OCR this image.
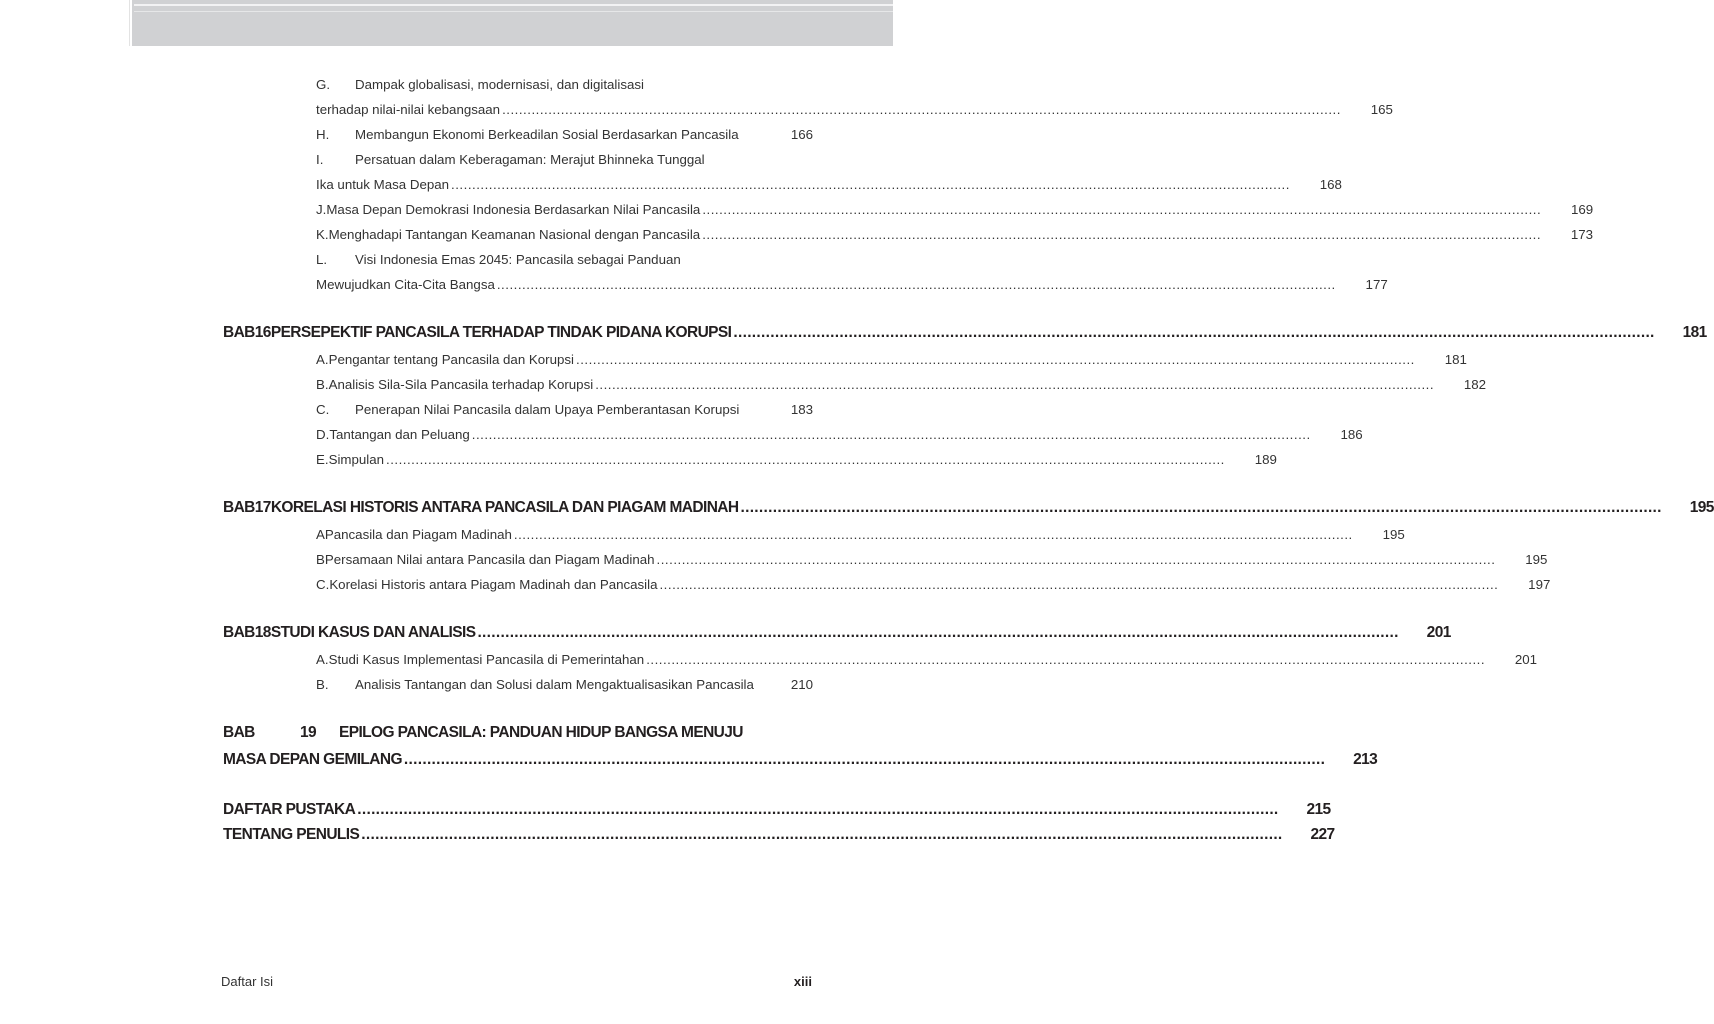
G.	Dampak globalisasi, modernisasi, dan digitalisasi
terhadap nilai-nilai kebangsaan ........................................................................................................................................................................................................	165
H.	Membangun Ekonomi Berkeadilan Sosial Berdasarkan Pancasila	166
I.	Persatuan dalam Keberagaman: Merajut Bhinneka Tunggal
Ika untuk Masa Depan ........................................................................................................................................................................................................	168
J. Masa Depan Demokrasi Indonesia Berdasarkan Nilai Pancasila ........................................................................................................................................................................................................	169
K. Menghadapi Tantangan Keamanan Nasional dengan Pancasila ........................................................................................................................................................................................................	173
L.	Visi Indonesia Emas 2045: Pancasila sebagai Panduan
Mewujudkan Cita-Cita Bangsa ........................................................................................................................................................................................................	177
BAB 16 PERSEPEKTIF PANCASILA TERHADAP TINDAK PIDANA KORUPSI ........................................................................................................................................................................................................	181
A. Pengantar tentang Pancasila dan Korupsi ........................................................................................................................................................................................................	181
B. Analisis Sila-Sila Pancasila terhadap Korupsi ........................................................................................................................................................................................................	182
C.	Penerapan Nilai Pancasila dalam Upaya Pemberantasan Korupsi	183
D. Tantangan dan Peluang ........................................................................................................................................................................................................	186
E. Simpulan ........................................................................................................................................................................................................	189
BAB 17 KORELASI HISTORIS ANTARA PANCASILA DAN PIAGAM MADINAH ........................................................................................................................................................................................................	195
A Pancasila dan Piagam Madinah ........................................................................................................................................................................................................	195
B Persamaan Nilai antara Pancasila dan Piagam Madinah ........................................................................................................................................................................................................	195
C. Korelasi Historis antara Piagam Madinah dan Pancasila ........................................................................................................................................................................................................	197
BAB 18 STUDI KASUS DAN ANALISIS ........................................................................................................................................................................................................	201
A. Studi Kasus Implementasi Pancasila di Pemerintahan ........................................................................................................................................................................................................	201
B.	Analisis Tantangan dan Solusi dalam Mengaktualisasikan Pancasila	210
BAB	19 EPILOG PANCASILA: PANDUAN HIDUP BANGSA MENUJU
MASA DEPAN GEMILANG ........................................................................................................................................................................................................	213
DAFTAR PUSTAKA ........................................................................................................................................................................................................	215
TENTANG PENULIS ........................................................................................................................................................................................................	227
Daftar Isi	xiii
